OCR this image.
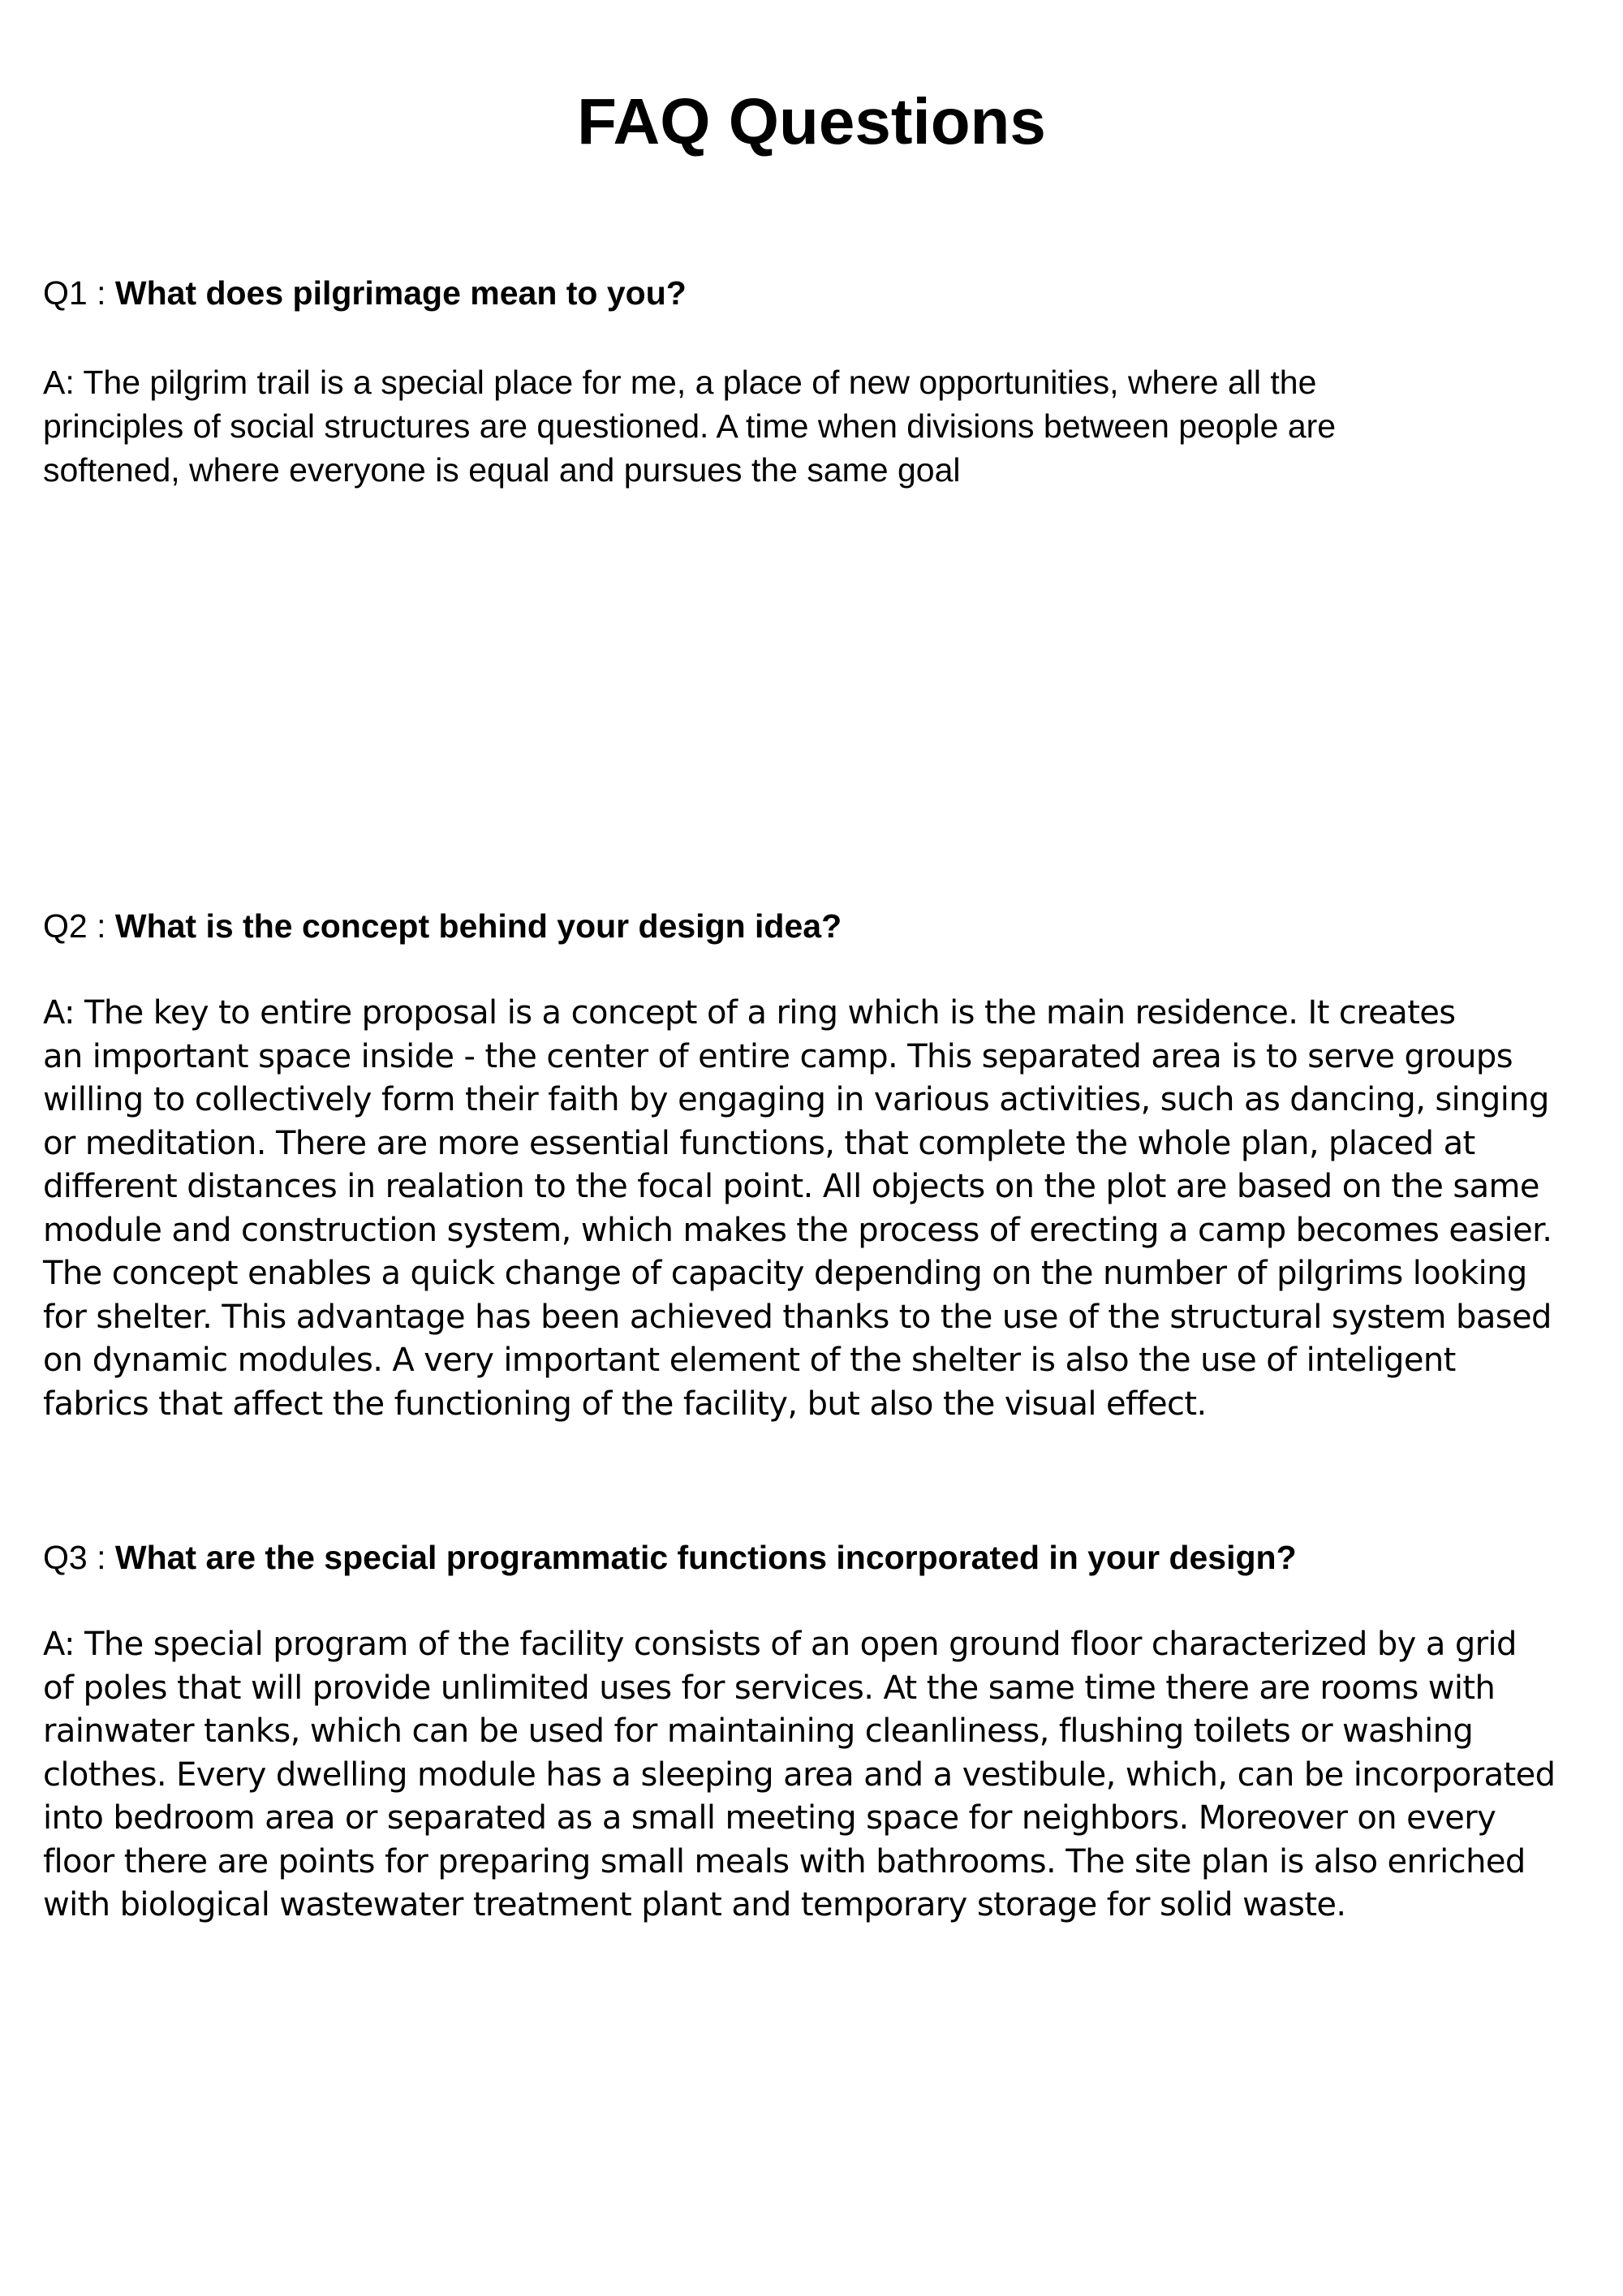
FAQ Questions
Q1 : What does pilgrimage mean to you?
A: The pilgrim trail is a special place for me, a place of new opportunities, where all the
principles of social structures are questioned. A time when divisions between people are
softened, where everyone is equal and pursues the same goal
Q2 : What is the concept behind your design idea?
A: The key to entire proposal is a concept of a ring which is the main residence. It creates
an important space inside - the center of entire camp. This separated area is to serve groups
willing to collectively form their faith by engaging in various activities, such as dancing, singing
or meditation. There are more essential functions, that complete the whole plan, placed at
different distances in realation to the focal point. All objects on the plot are based on the same
module and construction system, which makes the process of erecting a camp becomes easier.
The concept enables a quick change of capacity depending on the number of pilgrims looking
for shelter. This advantage has been achieved thanks to the use of the structural system based
on dynamic modules. A very important element of the shelter is also the use of inteligent
fabrics that affect the functioning of the facility, but also the visual effect.
Q3 : What are the special programmatic functions incorporated in your design?
A: The special program of the facility consists of an open ground floor characterized by a grid
of poles that will provide unlimited uses for services. At the same time there are rooms with
rainwater tanks, which can be used for maintaining cleanliness, flushing toilets or washing
clothes. Every dwelling module has a sleeping area and a vestibule, which, can be incorporated
into bedroom area or separated as a small meeting space for neighbors. Moreover on every
floor there are points for preparing small meals with bathrooms. The site plan is also enriched
with biological wastewater treatment plant and temporary storage for solid waste.
